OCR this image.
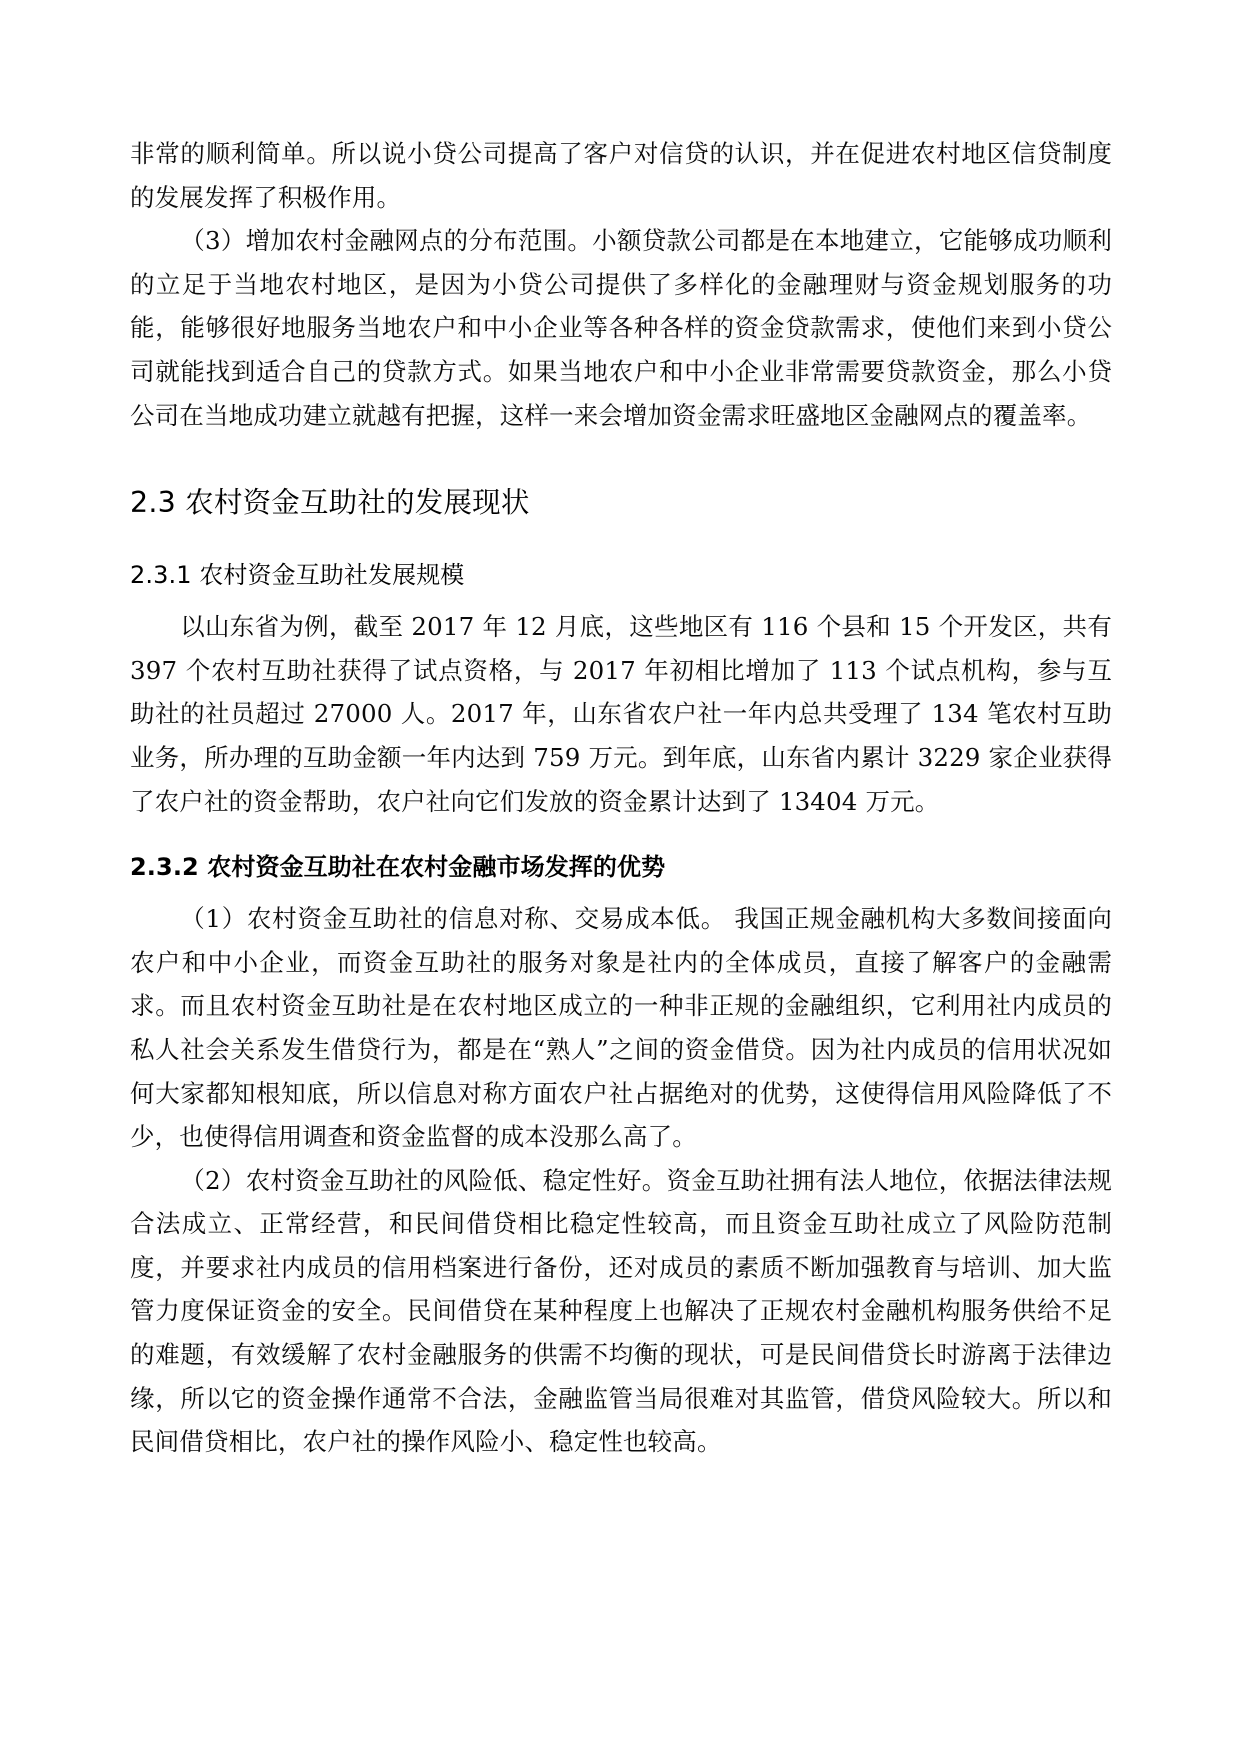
非常的顺利简单。所以说小贷公司提高了客户对信贷的认识，并在促进农村地区信贷制度的发展发挥了积极作用。

（3）增加农村金融网点的分布范围。小额贷款公司都是在本地建立，它能够成功顺利的立足于当地农村地区，是因为小贷公司提供了多样化的金融理财与资金规划服务的功能，能够很好地服务当地农户和中小企业等各种各样的资金贷款需求，使他们来到小贷公司就能找到适合自己的贷款方式。如果当地农户和中小企业非常需要贷款资金，那么小贷公司在当地成功建立就越有把握，这样一来会增加资金需求旺盛地区金融网点的覆盖率。

2.3 农村资金互助社的发展现状
2.3.1 农村资金互助社发展规模

以山东省为例，截至 2017 年 12 月底，这些地区有 116 个县和 15 个开发区，共有 397 个农村互助社获得了试点资格，与 2017 年初相比增加了 113 个试点机构，参与互助社的社员超过 27000 人。2017 年，山东省农户社一年内总共受理了 134 笔农村互助业务，所办理的互助金额一年内达到 759 万元。到年底，山东省内累计 3229 家企业获得了农户社的资金帮助，农户社向它们发放的资金累计达到了 13404 万元。

2.3.2 农村资金互助社在农村金融市场发挥的优势

（1）农村资金互助社的信息对称、交易成本低。 我国正规金融机构大多数间接面向农户和中小企业，而资金互助社的服务对象是社内的全体成员，直接了解客户的金融需求。而且农村资金互助社是在农村地区成立的一种非正规的金融组织，它利用社内成员的私人社会关系发生借贷行为，都是在“熟人”之间的资金借贷。因为社内成员的信用状况如何大家都知根知底，所以信息对称方面农户社占据绝对的优势，这使得信用风险降低了不少，也使得信用调查和资金监督的成本没那么高了。

（2）农村资金互助社的风险低、稳定性好。资金互助社拥有法人地位，依据法律法规合法成立、正常经营，和民间借贷相比稳定性较高，而且资金互助社成立了风险防范制度，并要求社内成员的信用档案进行备份，还对成员的素质不断加强教育与培训、加大监管力度保证资金的安全。民间借贷在某种程度上也解决了正规农村金融机构服务供给不足的难题，有效缓解了农村金融服务的供需不均衡的现状，可是民间借贷长时游离于法律边缘，所以它的资金操作通常不合法，金融监管当局很难对其监管，借贷风险较大。所以和民间借贷相比，农户社的操作风险小、稳定性也较高。
